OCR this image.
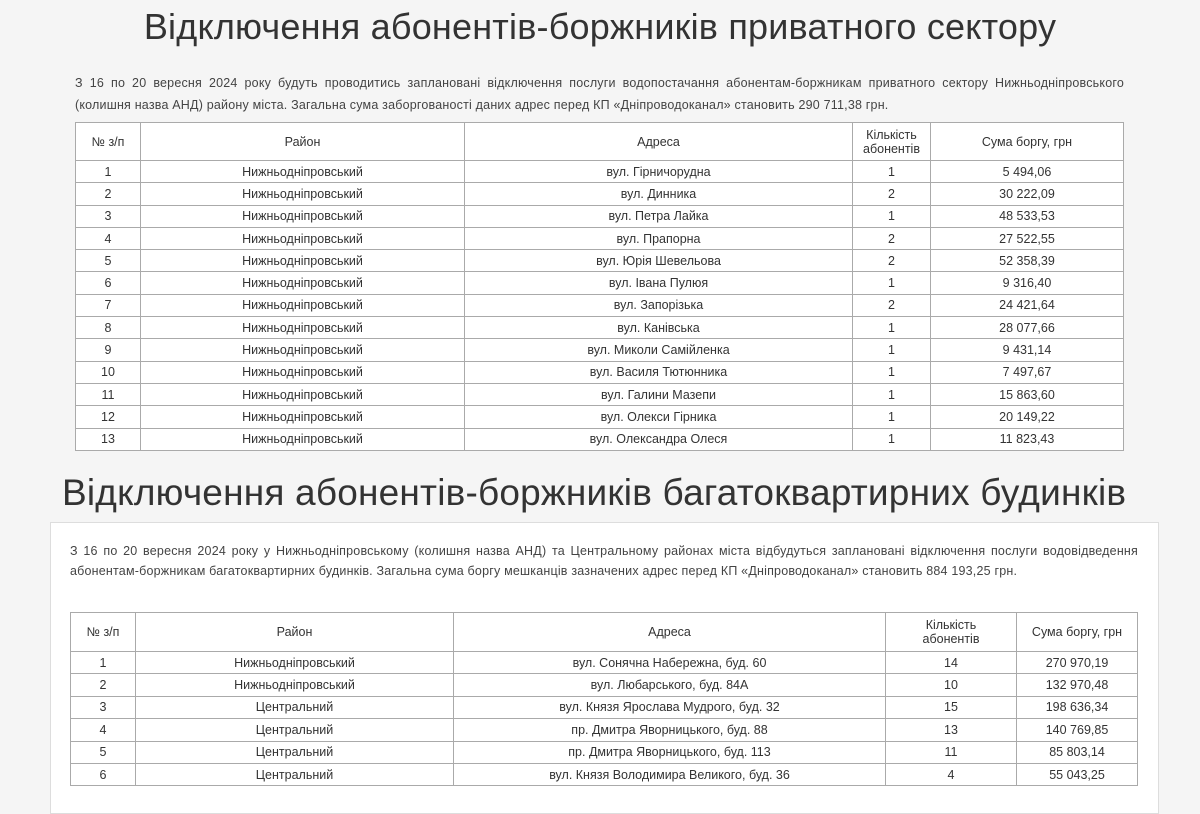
Відключення абонентів-боржників приватного сектору

З 16 по 20 вересня 2024 року будуть проводитись заплановані відключення послуги водопостачання абонентам-боржникам приватного сектору Нижньодніпровського (колишня назва АНД) району міста. Загальна сума заборгованості даних адрес перед КП «Дніпроводоканал» становить 290 711,38 грн.

№ з/п	Район	Адреса	Кількість абонентів	Сума боргу, грн
1	Нижньодніпровський	вул. Гірничорудна	1	5 494,06
2	Нижньодніпровський	вул. Динника	2	30 222,09
3	Нижньодніпровський	вул. Петра Лайка	1	48 533,53
4	Нижньодніпровський	вул. Прапорна	2	27 522,55
5	Нижньодніпровський	вул. Юрія Шевельова	2	52 358,39
6	Нижньодніпровський	вул. Івана Пулюя	1	9 316,40
7	Нижньодніпровський	вул. Запорізька	2	24 421,64
8	Нижньодніпровський	вул. Канівська	1	28 077,66
9	Нижньодніпровський	вул. Миколи Самійленка	1	9 431,14
10	Нижньодніпровський	вул. Василя Тютюнника	1	7 497,67
11	Нижньодніпровський	вул. Галини Мазепи	1	15 863,60
12	Нижньодніпровський	вул. Олекси Гірника	1	20 149,22
13	Нижньодніпровський	вул. Олександра Олеся	1	11 823,43
Відключення абонентів-боржників багатоквартирних будинків

З 16 по 20 вересня 2024 року у Нижньодніпровському (колишня назва АНД) та Центральному районах міста відбудуться заплановані відключення послуги водовідведення абонентам-боржникам багатоквартирних будинків. Загальна сума боргу мешканців зазначених адрес перед КП «Дніпроводоканал» становить 884 193,25 грн.

№ з/п	Район	Адреса	Кількість абонентів	Сума боргу, грн
1	Нижньодніпровський	вул. Сонячна Набережна, буд. 60	14	270 970,19
2	Нижньодніпровський	вул. Любарського, буд. 84А	10	132 970,48
3	Центральний	вул. Князя Ярослава Мудрого, буд. 32	15	198 636,34
4	Центральний	пр. Дмитра Яворницького, буд. 88	13	140 769,85
5	Центральний	пр. Дмитра Яворницького, буд. 113	11	85 803,14
6	Центральний	вул. Князя Володимира Великого, буд. 36	4	55 043,25
